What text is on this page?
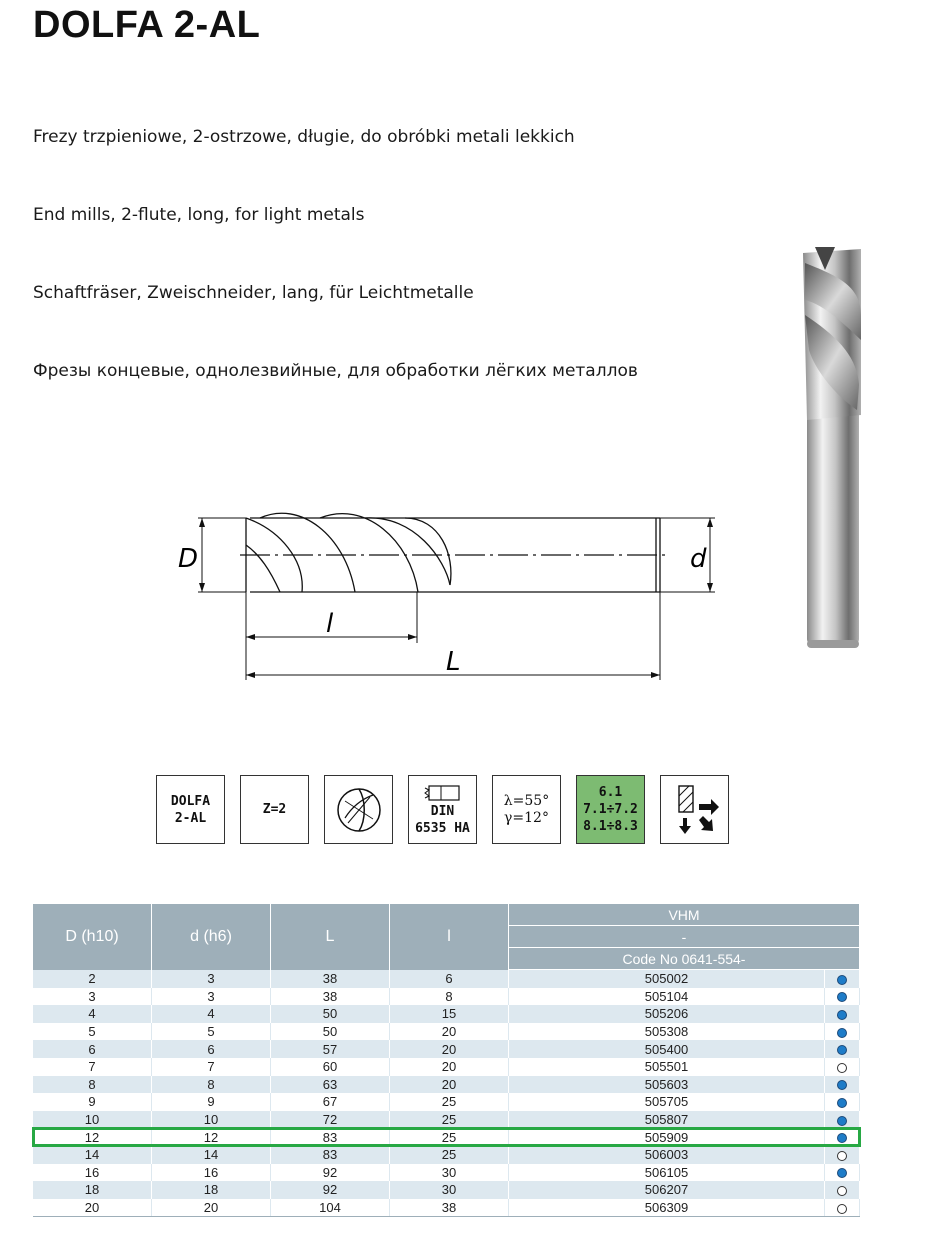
DOLFA 2-AL
Frezy trzpieniowe, 2-ostrzowe, długie, do obróbki metali lekkich
End mills, 2-flute, long, for light metals
Schaftfräser, Zweischneider, lang, für Leichtmetalle
Фрезы концевые, однолезвийные, для обработки лёгких металлов
D	d
l
L
DOLFA
2-AL
Z=2	DIN
6535 HA
λ=55°
γ=12°
6.1
7.1÷7.2
8.1÷8.3
D (h10)	d (h6)	L	l	VHM	
				-	
				Code No 0641-554-	
2	3	38	6	505002	
3	3	38	8	505104	
4	4	50	15	505206	
5	5	50	20	505308	
6	6	57	20	505400	
7	7	60	20	505501	
8	8	63	20	505603	
9	9	67	25	505705	
10	10	72	25	505807	
12	12	83	25	505909	
14	14	83	25	506003	
16	16	92	30	506105	
18	18	92	30	506207	
20	20	104	38	506309	
